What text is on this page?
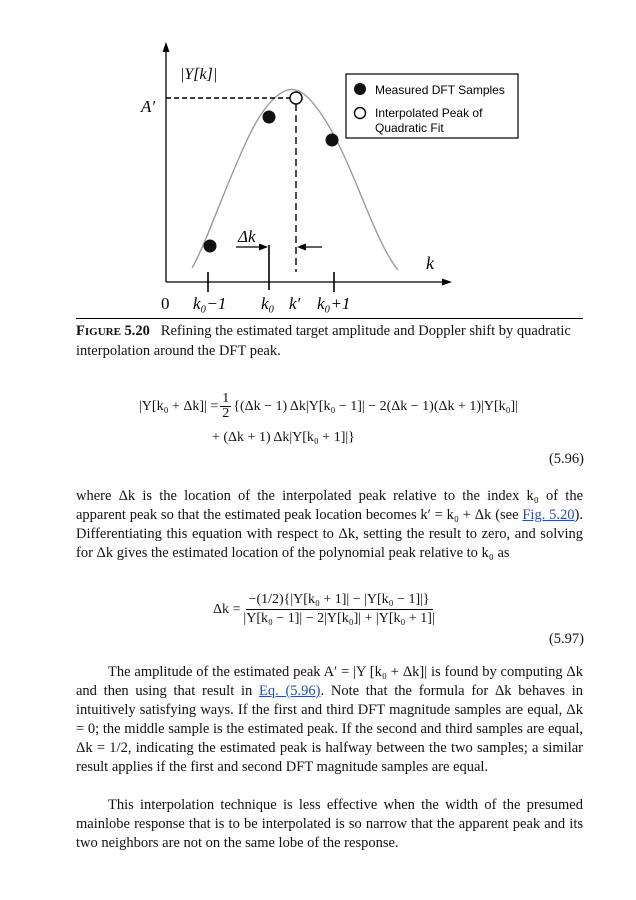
Measured DFT Samples
Interpolated Peak of
Quadratic Fit
|Y[k]|
A′
k
Δk
0 k₀−1 k₀ k′ k₀+1
FIGURE 5.20 Refining the estimated target amplitude and Doppler shift by quadratic interpolation around the DFT peak.
$|Y[k_0 + \Delta k]| = \frac{1}{2} \{(\Delta k - 1) \Delta k|Y[k_0 - 1]| - 2(\Delta k - 1)(\Delta k + 1)|Y[k_0]|$
+ (Δk + 1) Δk|Y[k₀ + 1]|}
(5.96)
where Δk is the location of the interpolated peak relative to the index k₀ of the apparent peak so that the estimated peak location becomes k′ = k₀ + Δk (see Fig. 5.20). Differentiating this equation with respect to Δk, setting the result to zero, and solving for Δk gives the estimated location of the polynomial peak relative to k₀ as
$\Delta k = \frac{\text{−(1/2)\{|Y[k₀ + 1]| − |Y[k₀ − 1]|\}}}{\text{|Y[k₀ − 1]| − 2|Y[k₀]| + |Y[k₀ + 1]|}}$
(5.97)
The amplitude of the estimated peak A′ = |Y [k₀ + Δk]| is found by computing Δk and then using that result in Eq. (5.96). Note that the formula for Δk behaves in intuitively satisfying ways. If the first and third DFT magnitude samples are equal, Δk = 0; the middle sample is the estimated peak. If the second and third samples are equal, Δk = 1/2, indicating the estimated peak is halfway between the two samples; a similar result applies if the first and second DFT magnitude samples are equal.
This interpolation technique is less effective when the width of the presumed mainlobe response that is to be interpolated is so narrow that the apparent peak and its two neighbors are not on the same lobe of the response.
